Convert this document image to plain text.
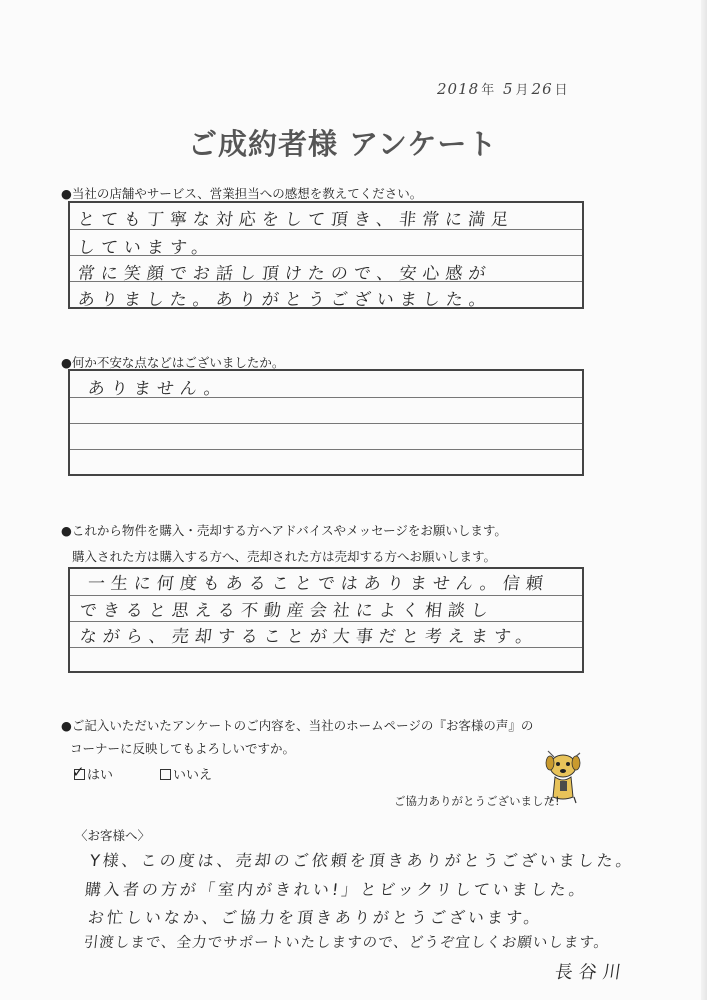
2018 年 5 月 26 日
ご成約者様 アンケート
●当社の店舗やサービス、営業担当への感想を教えてください。
とても丁寧な対応をして頂き、非常に満足
しています。
常に笑顔でお話し頂けたので、安心感が
ありました。ありがとうございました。
●何か不安な点などはございましたか。
ありません。
●これから物件を購入・売却する方へアドバイスやメッセージをお願いします。
購入された方は購入する方へ、売却された方は売却する方へお願いします。
一生に何度もあることではありません。信頼
できると思える不動産会社によく相談し
ながら、売却することが大事だと考えます。
●ご記入いただいたアンケートのご内容を、当社のホームページの『お客様の声』の
コーナーに反映してもよろしいですか。
✓ はい	いいえ
ご協力ありがとうございました!
〈お客様へ〉
Y様、この度は、売却のご依頼を頂きありがとうございました。
購入者の方が「室内がきれい!」とビックリしていました。
お忙しいなか、ご協力を頂きありがとうございます。
引渡しまで、全力でサポートいたしますので、どうぞ宜しくお願いします。
長谷川
